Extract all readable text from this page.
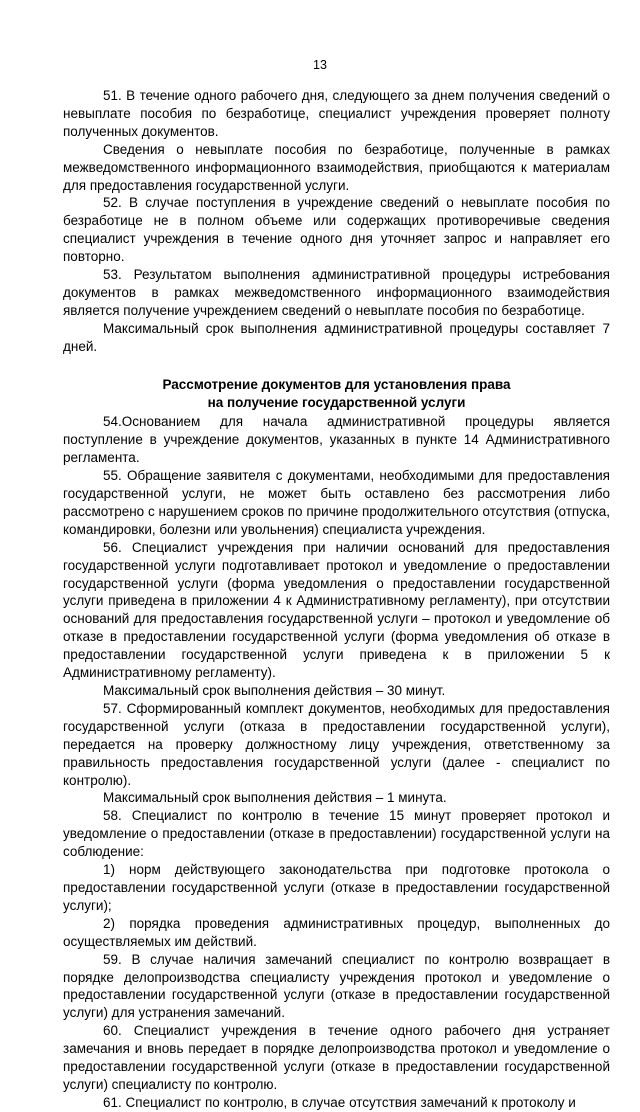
13

51. В течение одного рабочего дня, следующего за днем получения сведений о невыплате пособия по безработице, специалист учреждения проверяет полноту полученных документов.

Сведения о невыплате пособия по безработице, полученные в рамках межведомственного информационного взаимодействия, приобщаются к материалам для предоставления государственной услуги.

52. В случае поступления в учреждение сведений о невыплате пособия по безработице не в полном объеме или содержащих противоречивые сведения специалист учреждения в течение одного дня уточняет запрос и направляет его повторно.

53. Результатом выполнения административной процедуры истребования документов в рамках межведомственного информационного взаимодействия является получение учреждением сведений о невыплате пособия по безработице.

Максимальный срок выполнения административной процедуры составляет 7 дней.

Рассмотрение документов для установления права
на получение государственной услуги

54.Основанием для начала административной процедуры является поступление в учреждение документов, указанных в пункте 14 Административного регламента.

55. Обращение заявителя с документами, необходимыми для предоставления государственной услуги, не может быть оставлено без рассмотрения либо рассмотрено с нарушением сроков по причине продолжительного отсутствия (отпуска, командировки, болезни или увольнения) специалиста учреждения.

56. Специалист учреждения при наличии оснований для предоставления государственной услуги подготавливает протокол и уведомление о предоставлении государственной услуги (форма уведомления о предоставлении государственной услуги приведена в приложении 4 к Административному регламенту), при отсутствии оснований для предоставления государственной услуги – протокол и уведомление об отказе в предоставлении государственной услуги (форма уведомления об отказе в предоставлении государственной услуги приведена к в приложении 5 к Административному регламенту).

Максимальный срок выполнения действия – 30 минут.

57. Сформированный комплект документов, необходимых для предоставления государственной услуги (отказа в предоставлении государственной услуги), передается на проверку должностному лицу учреждения, ответственному за правильность предоставления государственной услуги (далее - специалист по контролю).

Максимальный срок выполнения действия – 1 минута.

58. Специалист по контролю в течение 15 минут проверяет протокол и уведомление о предоставлении (отказе в предоставлении) государственной услуги на соблюдение:

1) норм действующего законодательства при подготовке протокола о предоставлении государственной услуги (отказе в предоставлении государственной услуги);

2) порядка проведения административных процедур, выполненных до осуществляемых им действий.

59. В случае наличия замечаний специалист по контролю возвращает в порядке делопроизводства специалисту учреждения протокол и уведомление о предоставлении государственной услуги (отказе в предоставлении государственной услуги) для устранения замечаний.

60. Специалист учреждения в течение одного рабочего дня устраняет замечания и вновь передает в порядке делопроизводства протокол и уведомление о предоставлении государственной услуги (отказе в предоставлении государственной услуги) специалисту по контролю.

61. Специалист по контролю, в случае отсутствия замечаний к протоколу и
